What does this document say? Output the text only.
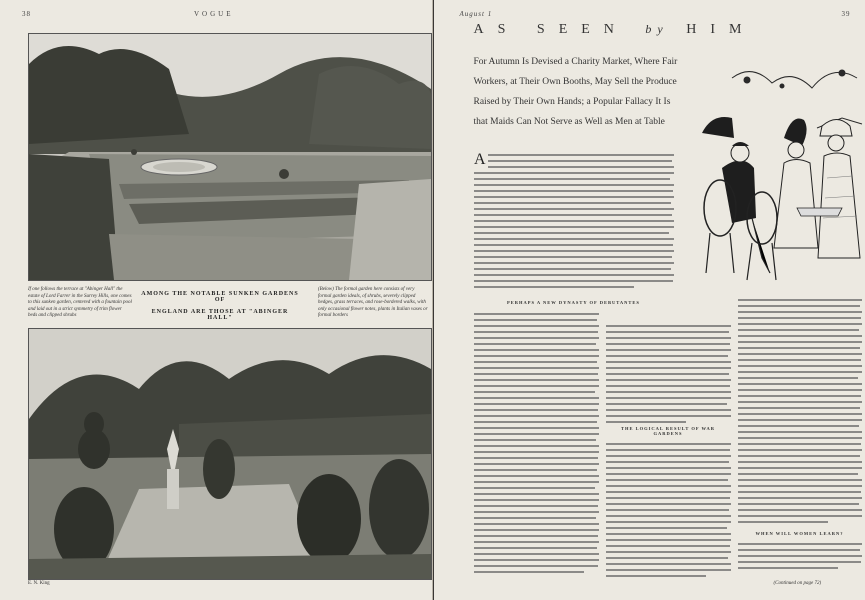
38	VOGUE
If one follows the terrace at "Abinger Hall" the estate of Lord Farrer in the Surrey Hills, one comes to this sunken garden, centered with a fountain pool and laid out in a strict symmetry of trim flower beds and clipped shrubs
AMONG THE NOTABLE SUNKEN GARDENS OF
ENGLAND ARE THOSE AT "ABINGER HALL"
(Below) The formal garden here consists of very formal garden ideals, of shrubs, severely clipped hedges, grass terraces, and rose-bordered walks, with only occasional flower notes, plants in Italian vases or formal borders
E. N. King
August 1	39
AS SEEN by HIM
For Autumn Is Devised a Charity Market, Where Fair
Workers, at Their Own Booths, May Sell the Produce
Raised by Their Own Hands; a Popular Fallacy It Is
that Maids Can Not Serve as Well as Men at Table
A
PERHAPS A NEW DYNASTY OF DEBUTANTES
THE LOGICAL RESULT OF WAR GARDENS
WHEN WILL WOMEN LEARN?
(Continued on page 72)
